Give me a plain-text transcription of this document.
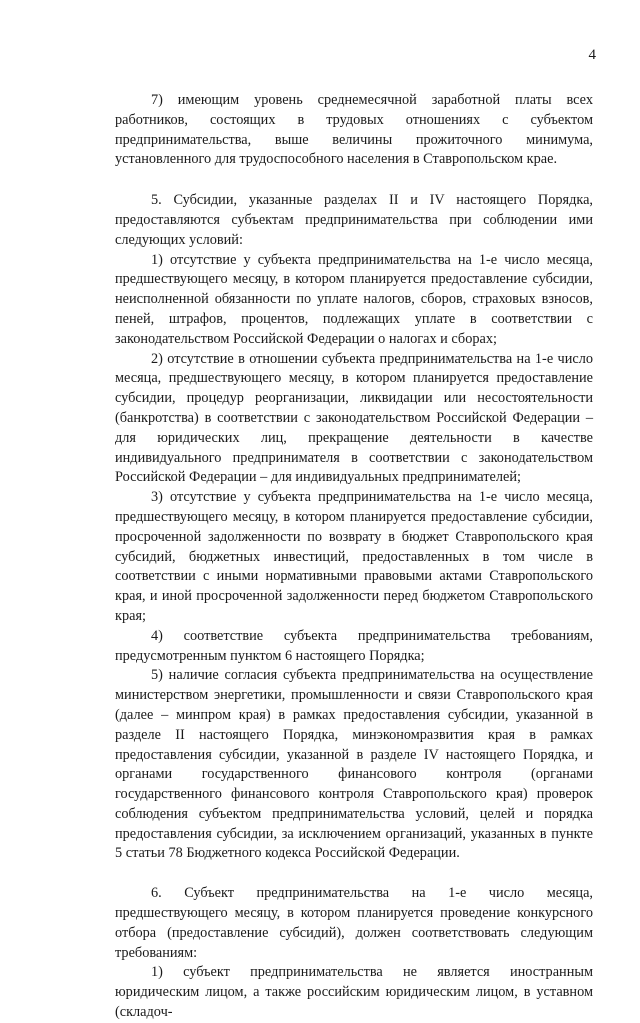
4

7) имеющим уровень среднемесячной заработной платы всех работников, состоящих в трудовых отношениях с субъектом предпринимательства, выше величины прожиточного минимума, установленного для трудоспособного населения в Ставропольском крае.

5. Субсидии, указанные разделах II и IV настоящего Порядка, предоставляются субъектам предпринимательства при соблюдении ими следующих условий:

1) отсутствие у субъекта предпринимательства на 1-е число месяца, предшествующего месяцу, в котором планируется предоставление субсидии, неисполненной обязанности по уплате налогов, сборов, страховых взносов, пеней, штрафов, процентов, подлежащих уплате в соответствии с законодательством Российской Федерации о налогах и сборах;

2) отсутствие в отношении субъекта предпринимательства на 1-е число месяца, предшествующего месяцу, в котором планируется предоставление субсидии, процедур реорганизации, ликвидации или несостоятельности (банкротства) в соответствии с законодательством Российской Федерации – для юридических лиц, прекращение деятельности в качестве индивидуального предпринимателя в соответствии с законодательством Российской Федерации – для индивидуальных предпринимателей;

3) отсутствие у субъекта предпринимательства на 1-е число месяца, предшествующего месяцу, в котором планируется предоставление субсидии, просроченной задолженности по возврату в бюджет Ставропольского края субсидий, бюджетных инвестиций, предоставленных в том числе в соответствии с иными нормативными правовыми актами Ставропольского края, и иной просроченной задолженности перед бюджетом Ставропольского края;

4) соответствие субъекта предпринимательства требованиям, предусмотренным пунктом 6 настоящего Порядка;

5) наличие согласия субъекта предпринимательства на осуществление министерством энергетики, промышленности и связи Ставропольского края (далее – минпром края) в рамках предоставления субсидии, указанной в разделе II настоящего Порядка, минэкономразвития края в рамках предоставления субсидии, указанной в разделе IV настоящего Порядка, и органами государственного финансового контроля (органами государственного финансового контроля Ставропольского края) проверок соблюдения субъектом предпринимательства условий, целей и порядка предоставления субсидии, за исключением организаций, указанных в пункте 5 статьи 78 Бюджетного кодекса Российской Федерации.

6. Субъект предпринимательства на 1-е число месяца, предшествующего месяцу, в котором планируется проведение конкурсного отбора (предоставление субсидий), должен соответствовать следующим требованиям:

1) субъект предпринимательства не является иностранным юридическим лицом, а также российским юридическим лицом, в уставном (складоч-
